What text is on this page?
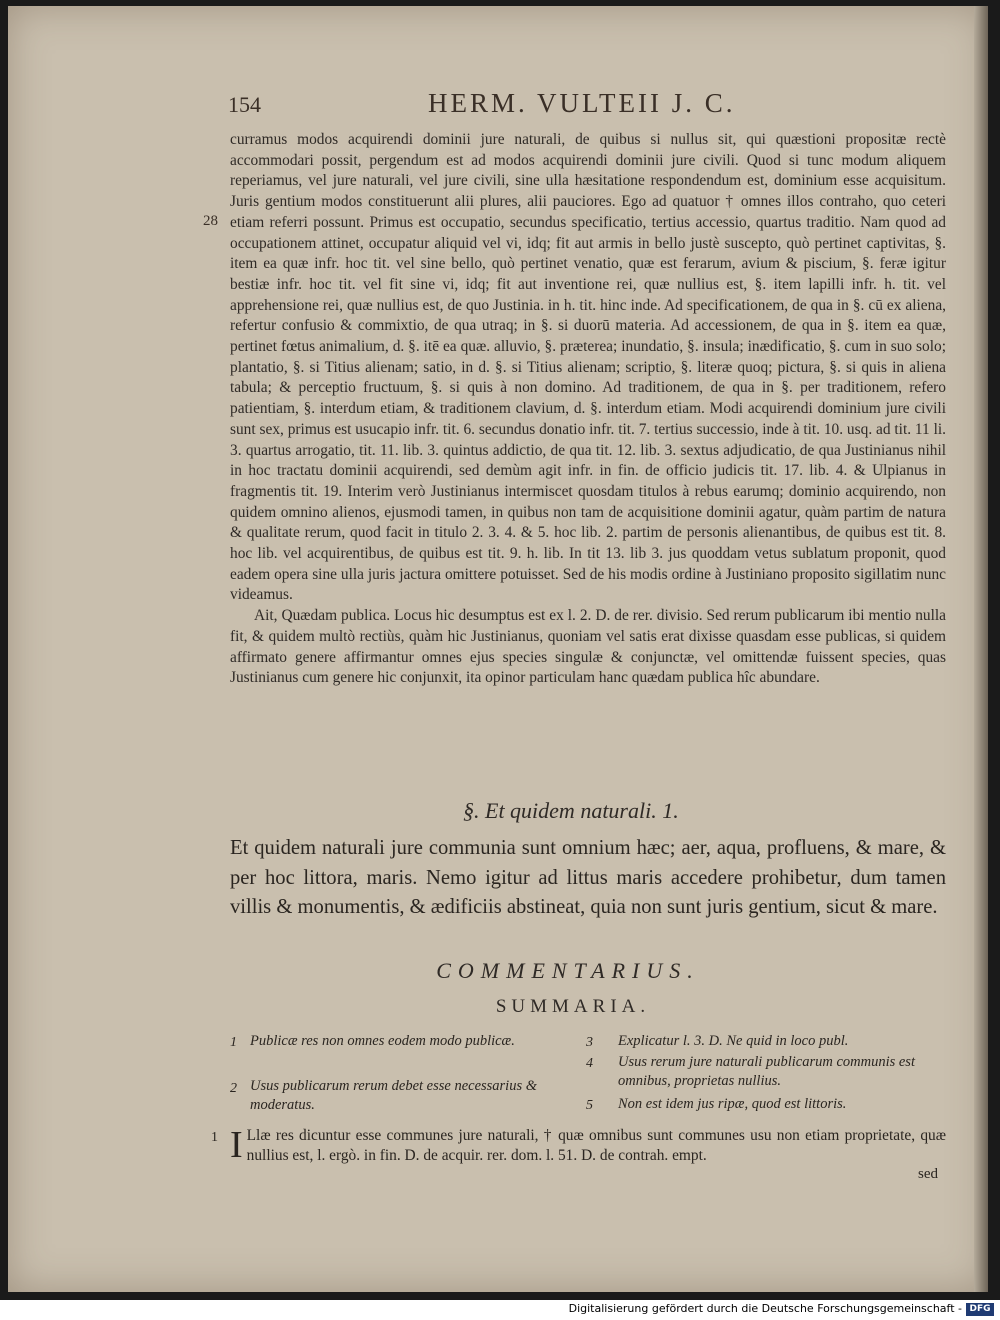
154	HERM. VULTEII J. C.
28

curramus modos acquirendi dominii jure naturali, de quibus si nullus sit, qui quæstioni propositæ rectè accommodari possit, pergendum est ad modos acquirendi dominii jure civili. Quod si tunc modum aliquem reperiamus, vel jure naturali, vel jure civili, sine ulla hæsitatione respondendum est, dominium esse acquisitum. Juris gentium modos constituerunt alii plures, alii pauciores. Ego ad quatuor † omnes illos contraho, quo ceteri etiam referri possunt. Primus est occupatio, secundus specificatio, tertius accessio, quartus traditio. Nam quod ad occupationem attinet, occupatur aliquid vel vi, idq; fit aut armis in bello justè suscepto, quò pertinet captivitas, §. item ea quæ infr. hoc tit. vel sine bello, quò pertinet venatio, quæ est ferarum, avium & piscium, §. feræ igitur bestiæ infr. hoc tit. vel fit sine vi, idq; fit aut inventione rei, quæ nullius est, §. item lapilli infr. h. tit. vel apprehensione rei, quæ nullius est, de quo Justinia. in h. tit. hinc inde. Ad specificationem, de qua in §. cū ex aliena, refertur confusio & commixtio, de qua utraq; in §. si duorū materia. Ad accessionem, de qua in §. item ea quæ, pertinet fœtus animalium, d. §. itē ea quæ. alluvio, §. præterea; inundatio, §. insula; inædificatio, §. cum in suo solo; plantatio, §. si Titius alienam; satio, in d. §. si Titius alienam; scriptio, §. literæ quoq; pictura, §. si quis in aliena tabula; & perceptio fructuum, §. si quis à non domino. Ad traditionem, de qua in §. per traditionem, refero patientiam, §. interdum etiam, & traditionem clavium, d. §. interdum etiam. Modi acquirendi dominium jure civili sunt sex, primus est usucapio infr. tit. 6. secundus donatio infr. tit. 7. tertius successio, inde à tit. 10. usq. ad tit. 11 li. 3. quartus arrogatio, tit. 11. lib. 3. quintus addictio, de qua tit. 12. lib. 3. sextus adjudicatio, de qua Justinianus nihil in hoc tractatu dominii acquirendi, sed demùm agit infr. in fin. de officio judicis tit. 17. lib. 4. & Ulpianus in fragmentis tit. 19. Interim verò Justinianus intermiscet quosdam titulos à rebus earumq; dominio acquirendo, non quidem omnino alienos, ejusmodi tamen, in quibus non tam de acquisitione dominii agatur, quàm partim de natura & qualitate rerum, quod facit in titulo 2. 3. 4. & 5. hoc lib. 2. partim de personis alienantibus, de quibus est tit. 8. hoc lib. vel acquirentibus, de quibus est tit. 9. h. lib. In tit 13. lib 3. jus quoddam vetus sublatum proponit, quod eadem opera sine ulla juris jactura omittere potuisset. Sed de his modis ordine à Justiniano proposito sigillatim nunc videamus.

Ait, Quædam publica. Locus hic desumptus est ex l. 2. D. de rer. divisio. Sed rerum publicarum ibi mentio nulla fit, & quidem multò rectiùs, quàm hic Justinianus, quoniam vel satis erat dixisse quasdam esse publicas, si quidem affirmato genere affirmantur omnes ejus species singulæ & conjunctæ, vel omittendæ fuissent species, quas Justinianus cum genere hic conjunxit, ita opinor particulam hanc quædam publica hîc abundare.

§. Et quidem naturali. 1.
Et quidem naturali jure communia sunt omnium hæc; aer, aqua, profluens, & mare, & per hoc littora, maris. Nemo igitur ad littus maris accedere prohibetur, dum tamen villis & monumentis, & ædificiis abstineat, quia non sunt juris gentium, sicut & mare.
COMMENTARIUS.
SUMMARIA.
1 Publicæ res non omnes eodem modo publicæ.
2 Usus publicarum rerum debet esse necessarius & moderatus.
3 Explicatur l. 3. D. Ne quid in loco publ.
4 Usus rerum jure naturali publicarum communis est omnibus, proprietas nullius.
5 Non est idem jus ripæ, quod est littoris.
1 I Llæ res dicuntur esse communes jure naturali, † quæ omnibus sunt communes usu non etiam proprietate, quæ nullius est, l. ergò. in fin. D. de acquir. rer. dom. l. 51. D. de contrah. empt.
sed
Digitalisierung gefördert durch die Deutsche Forschungsgemeinschaft - DFG
